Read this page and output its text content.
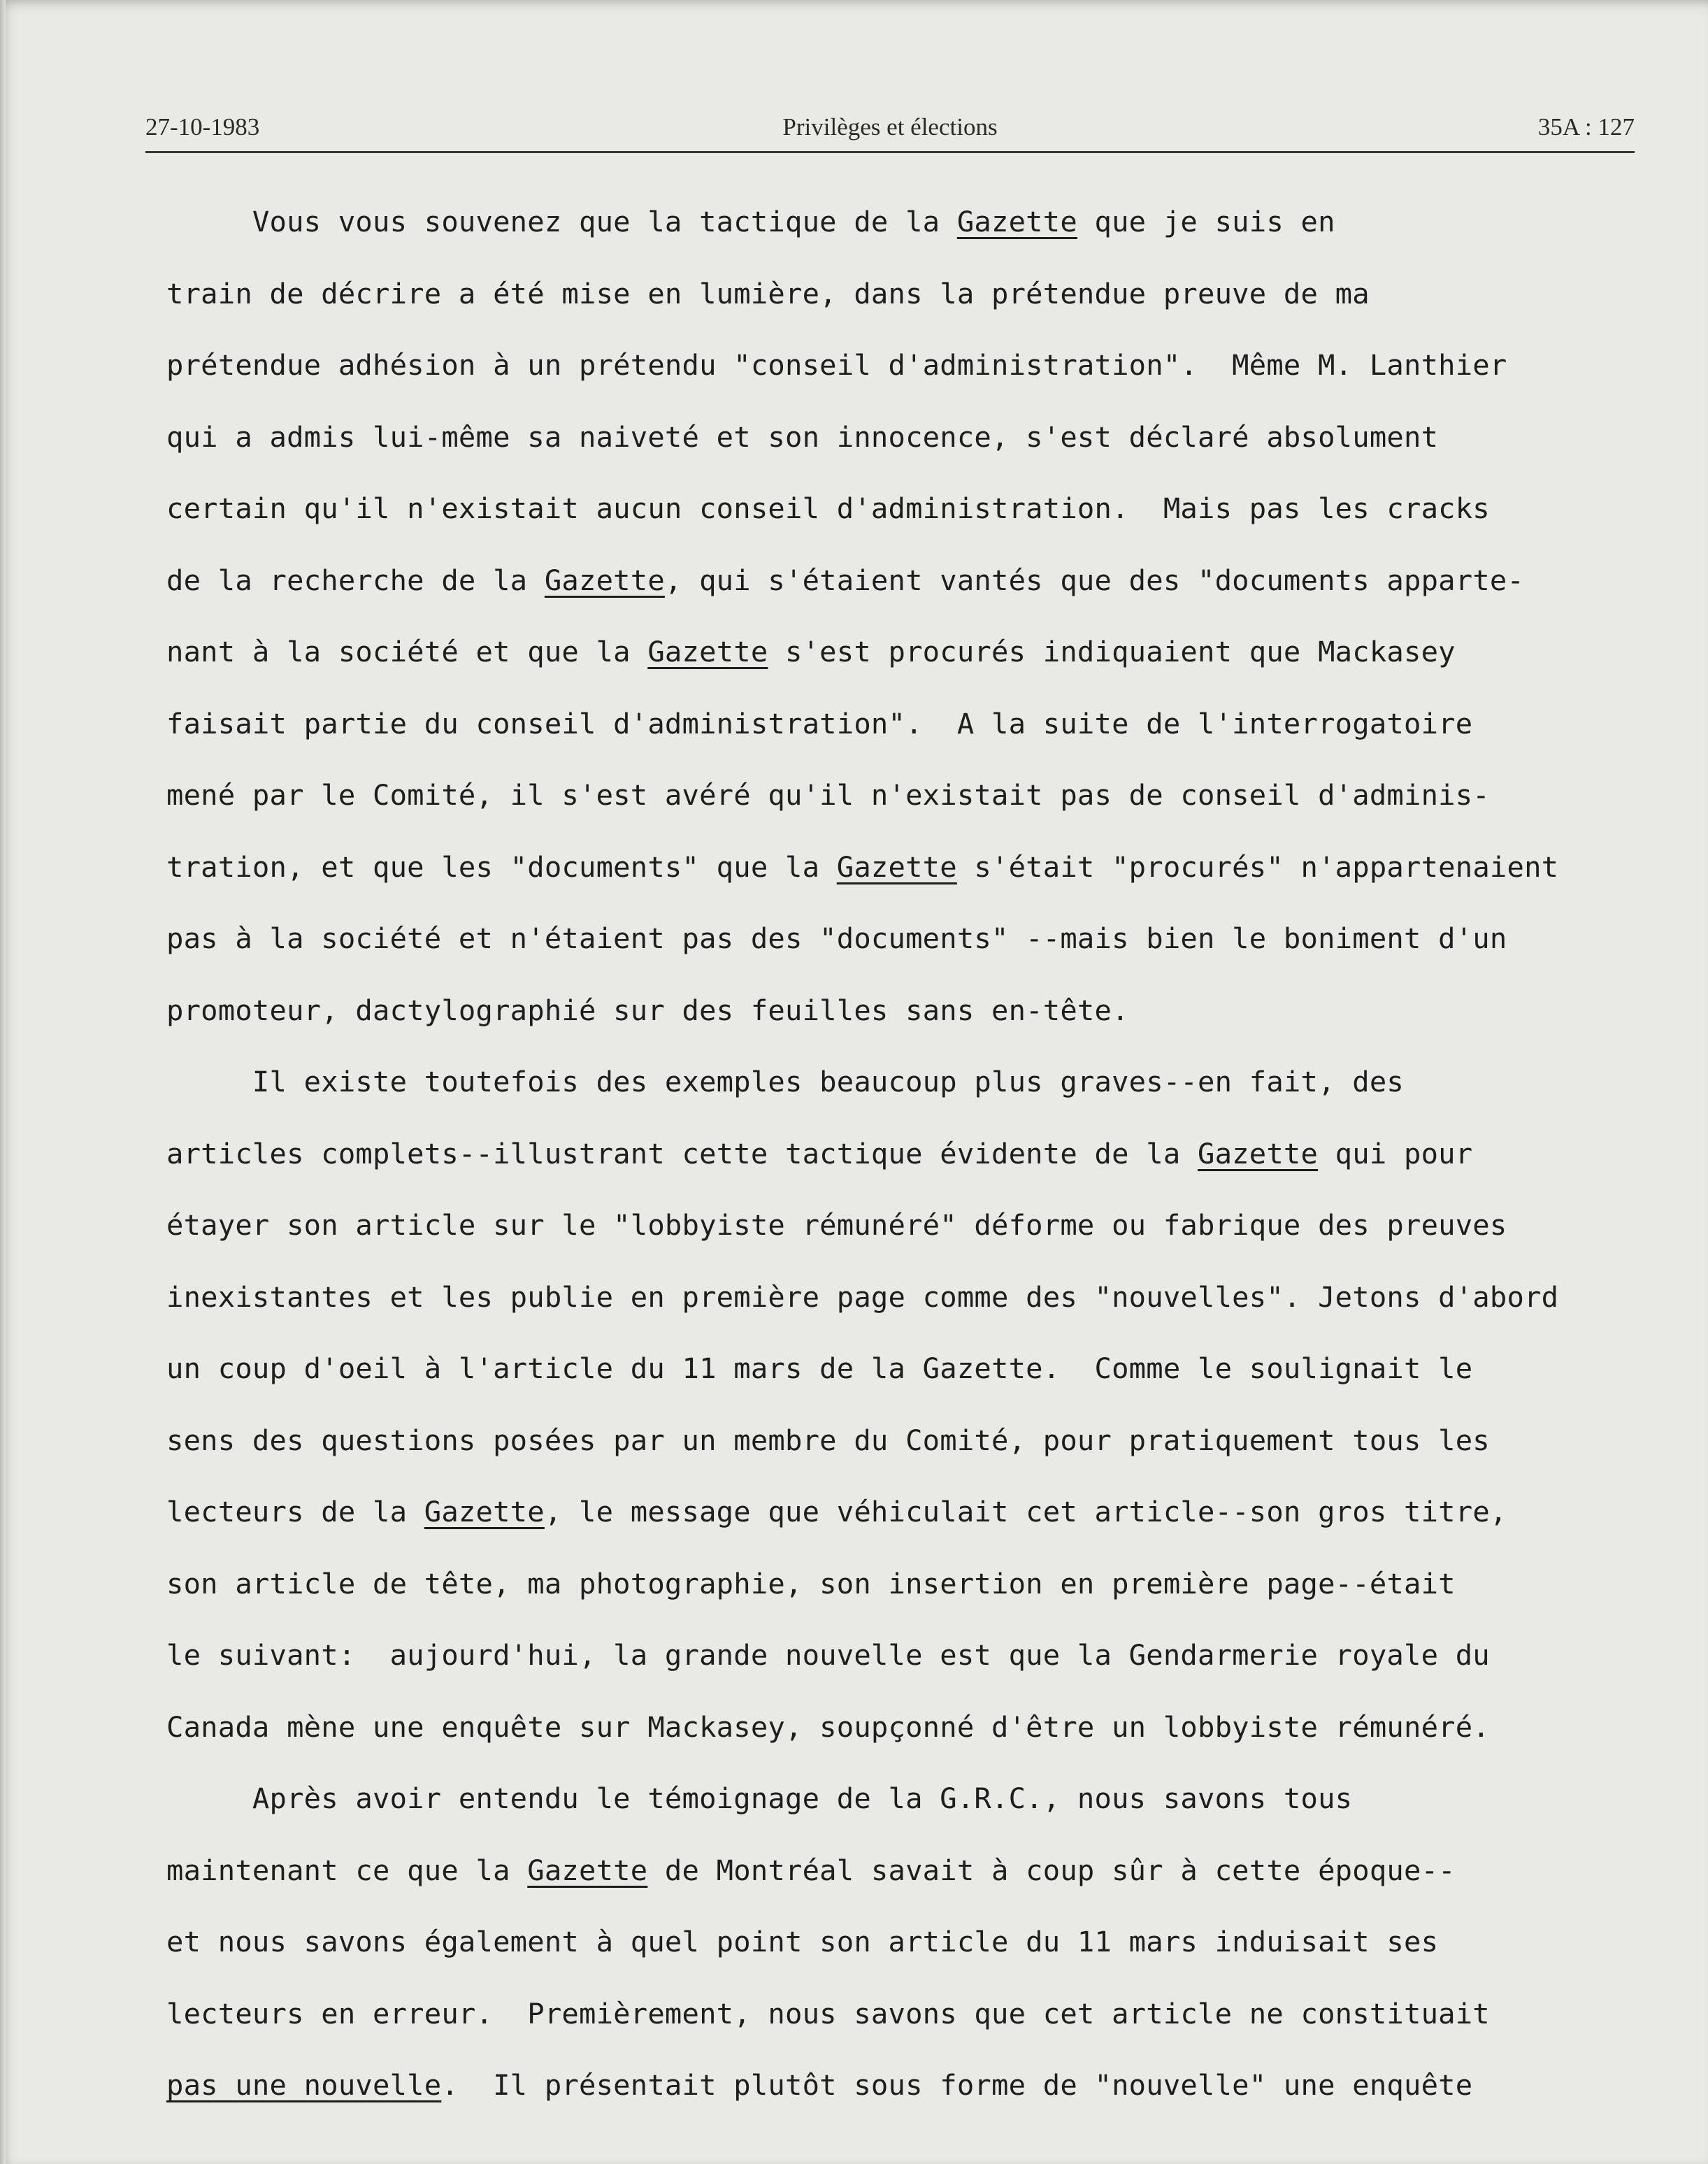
27-10-1983	Privilèges et élections	35A : 127
Vous vous souvenez que la tactique de la Gazette que je suis en
train de décrire a été mise en lumière, dans la prétendue preuve de ma
prétendue adhésion à un prétendu "conseil d'administration".  Même M. Lanthier
qui a admis lui-même sa naiveté et son innocence, s'est déclaré absolument
certain qu'il n'existait aucun conseil d'administration.  Mais pas les cracks
de la recherche de la Gazette, qui s'étaient vantés que des "documents apparte-
nant à la société et que la Gazette s'est procurés indiquaient que Mackasey
faisait partie du conseil d'administration".  A la suite de l'interrogatoire
mené par le Comité, il s'est avéré qu'il n'existait pas de conseil d'adminis-
tration, et que les "documents" que la Gazette s'était "procurés" n'appartenaient
pas à la société et n'étaient pas des "documents" --mais bien le boniment d'un
promoteur, dactylographié sur des feuilles sans en-tête.
Il existe toutefois des exemples beaucoup plus graves--en fait, des
articles complets--illustrant cette tactique évidente de la Gazette qui pour
étayer son article sur le "lobbyiste rémunéré" déforme ou fabrique des preuves
inexistantes et les publie en première page comme des "nouvelles". Jetons d'abord
un coup d'oeil à l'article du 11 mars de la Gazette.  Comme le soulignait le
sens des questions posées par un membre du Comité, pour pratiquement tous les
lecteurs de la Gazette, le message que véhiculait cet article--son gros titre,
son article de tête, ma photographie, son insertion en première page--était
le suivant:  aujourd'hui, la grande nouvelle est que la Gendarmerie royale du
Canada mène une enquête sur Mackasey, soupçonné d'être un lobbyiste rémunéré.
Après avoir entendu le témoignage de la G.R.C., nous savons tous
maintenant ce que la Gazette de Montréal savait à coup sûr à cette époque--
et nous savons également à quel point son article du 11 mars induisait ses
lecteurs en erreur.  Premièrement, nous savons que cet article ne constituait
pas une nouvelle.  Il présentait plutôt sous forme de "nouvelle" une enquête
